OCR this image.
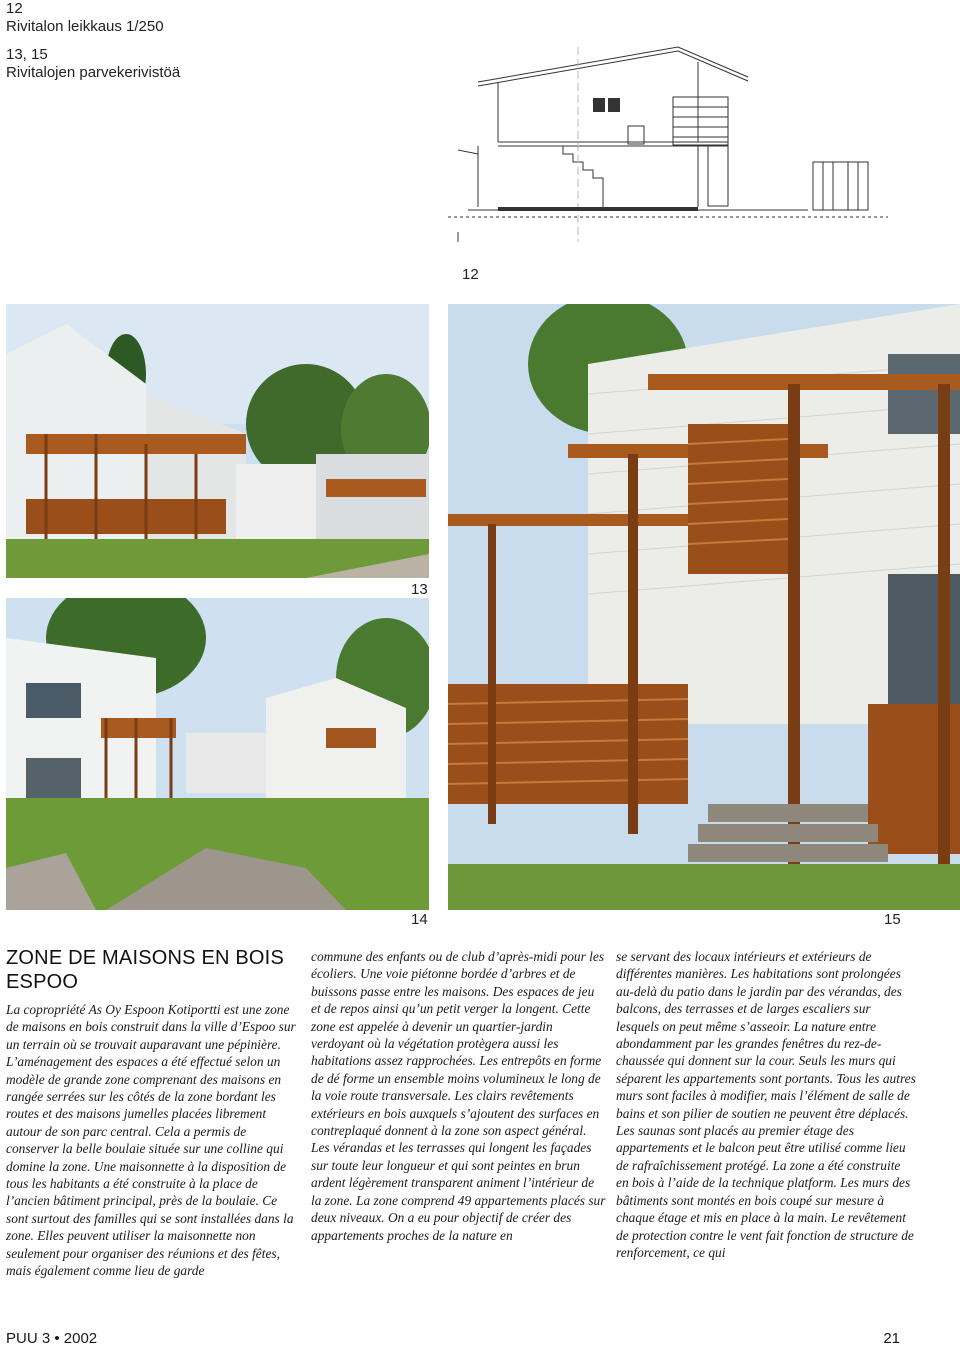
12
Rivitalon leikkaus 1/250
13, 15
Rivitalojen parvekerivistöä
12
13
14	15
ZONE DE MAISONS EN BOIS
ESPOO

La copropriété As Oy Espoon Kotiportti est une zone de maisons en bois construit dans la ville d’Espoo sur un terrain où se trouvait auparavant une pépinière. L’aménagement des espaces a été effectué selon un modèle de grande zone comprenant des maisons en rangée serrées sur les côtés de la zone bordant les routes et des maisons jumelles placées librement autour de son parc central. Cela a permis de conserver la belle boulaie située sur une colline qui domine la zone. Une maisonnette à la disposition de tous les habitants a été construite à la place de l’ancien bâtiment principal, près de la boulaie. Ce sont surtout des familles qui se sont installées dans la zone. Elles peuvent utiliser la maisonnette non seulement pour organiser des réunions et des fêtes, mais également comme lieu de garde

commune des enfants ou de club d’après-midi pour les écoliers. Une voie piétonne bordée d’arbres et de buissons passe entre les maisons. Des espaces de jeu et de repos ainsi qu’un petit verger la longent. Cette zone est appelée à devenir un quartier-jardin verdoyant où la végétation protègera aussi les habitations assez rapprochées. Les entrepôts en forme de dé forme un ensemble moins volumineux le long de la voie route transversale. Les clairs revêtements extérieurs en bois auxquels s’ajoutent des surfaces en contreplaqué donnent à la zone son aspect général. Les vérandas et les terrasses qui longent les façades sur toute leur longueur et qui sont peintes en brun ardent légèrement transparent animent l’intérieur de la zone. La zone comprend 49 appartements placés sur deux niveaux. On a eu pour objectif de créer des appartements proches de la nature en

se servant des locaux intérieurs et extérieurs de différentes manières. Les habitations sont prolongées au-delà du patio dans le jardin par des vérandas, des balcons, des terrasses et de larges escaliers sur lesquels on peut même s’asseoir. La nature entre abondamment par les grandes fenêtres du rez-de-chaussée qui donnent sur la cour. Seuls les murs qui séparent les appartements sont portants. Tous les autres murs sont faciles à modifier, mais l’élément de salle de bains et son pilier de soutien ne peuvent être déplacés. Les saunas sont placés au premier étage des appartements et le balcon peut être utilisé comme lieu de rafraîchissement protégé. La zone a été construite en bois à l’aide de la technique platform. Les murs des bâtiments sont montés en bois coupé sur mesure à chaque étage et mis en place à la main. Le revêtement de protection contre le vent fait fonction de structure de renforcement, ce qui

PUU 3 • 2002	21
